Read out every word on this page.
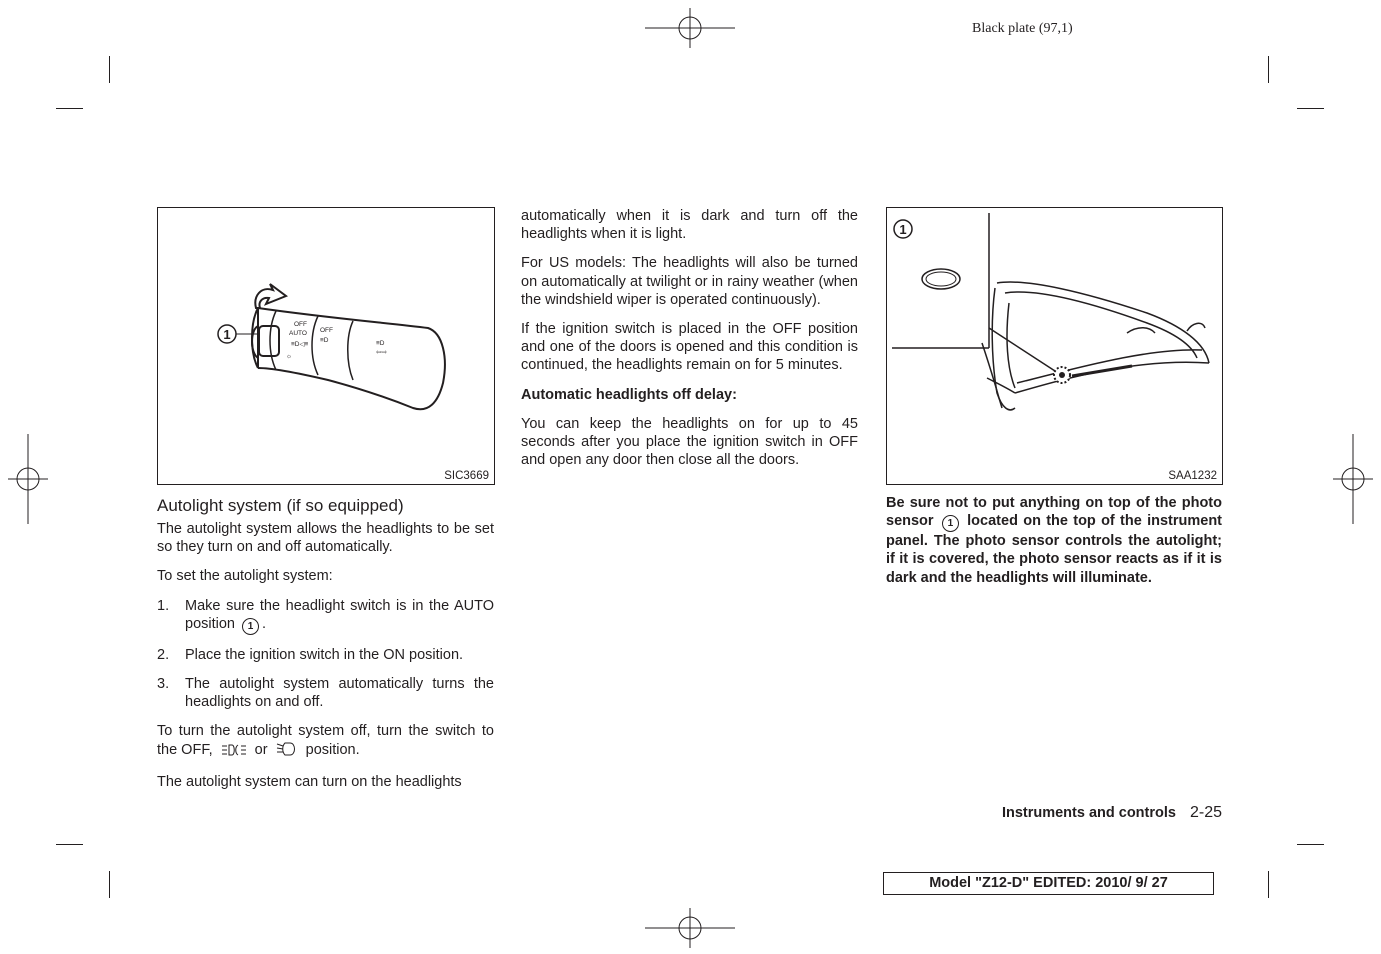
Black plate (97,1)
OFF
AUTO OFF
≡D◁≡
≡D	≡D
⇦⇨
☼
1
SIC3669
1
SAA1232

Autolight system (if so equipped)

The autolight system allows the headlights to be set so they turn on and off automatically.

To set the autolight system:

1. Make sure the headlight switch is in the AUTO position 1 .
2. Place the ignition switch in the ON position.
3. The autolight system automatically turns the headlights on and off.

To turn the autolight system off, turn the switch to the OFF,	or	position.

The autolight system can turn on the headlights

automatically when it is dark and turn off the headlights when it is light.

For US models: The headlights will also be turned on automatically at twilight or in rainy weather (when the windshield wiper is operated continuously).

If the ignition switch is placed in the OFF position and one of the doors is opened and this condition is continued, the headlights remain on for 5 minutes.

Automatic headlights off delay:

You can keep the headlights on for up to 45 seconds after you place the ignition switch in OFF and open any door then close all the doors.

Be sure not to put anything on top of the photo sensor 1 located on the top of the instrument panel. The photo sensor controls the autolight; if it is covered, the photo sensor reacts as if it is dark and the headlights will illuminate.

Instruments and controls 2-25
Model "Z12-D" EDITED: 2010/ 9/ 27
